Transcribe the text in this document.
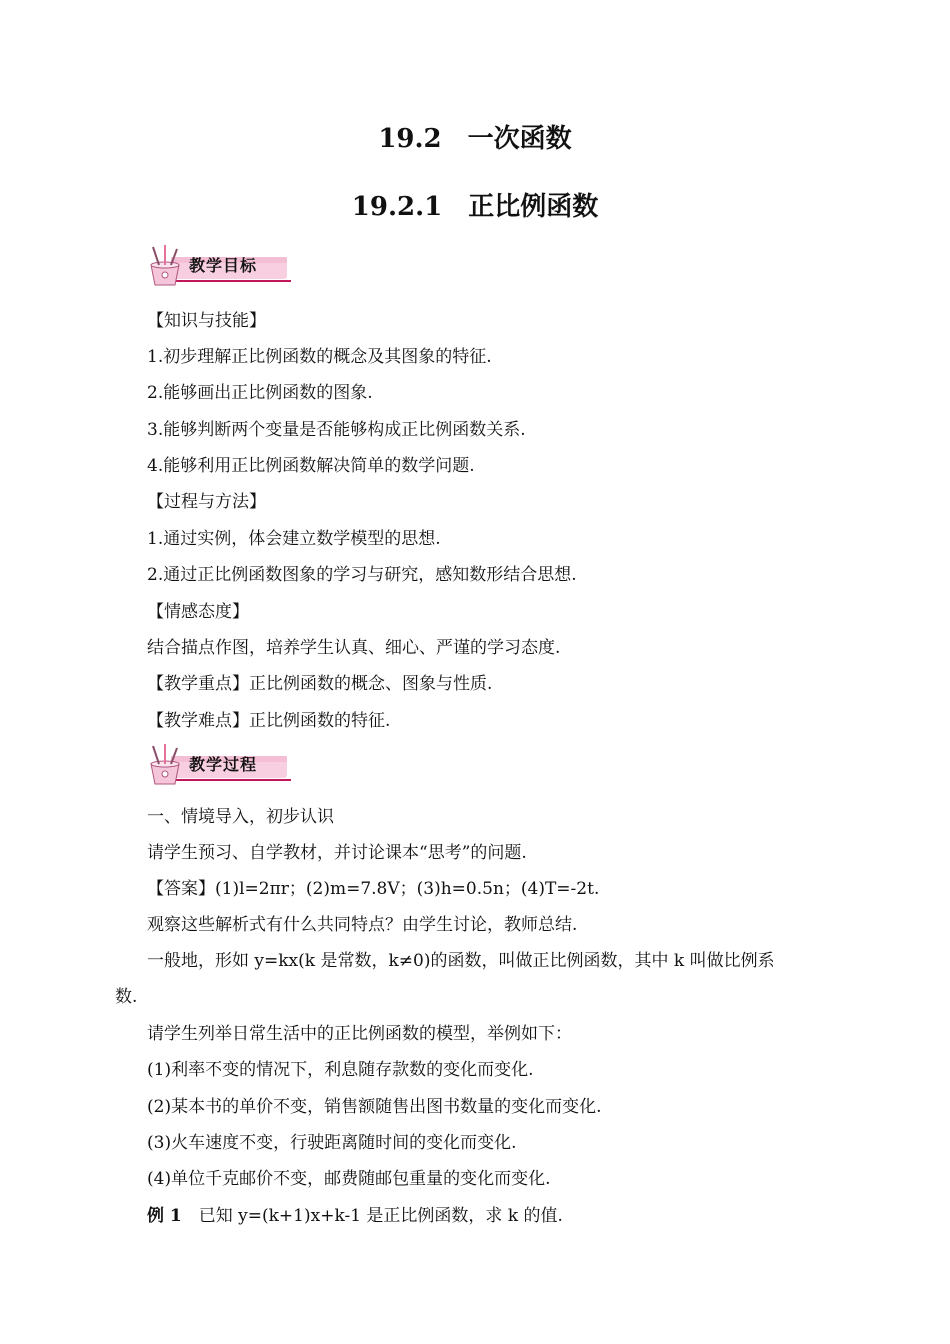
19.2　一次函数
19.2.1　正比例函数
教学目标

【知识与技能】

1.初步理解正比例函数的概念及其图象的特征.

2.能够画出正比例函数的图象.

3.能够判断两个变量是否能够构成正比例函数关系.

4.能够利用正比例函数解决简单的数学问题.

【过程与方法】

1.通过实例，体会建立数学模型的思想.

2.通过正比例函数图象的学习与研究，感知数形结合思想.

【情感态度】

结合描点作图，培养学生认真、细心、严谨的学习态度.

【教学重点】正比例函数的概念、图象与性质.

【教学难点】正比例函数的特征.

教学过程

一、情境导入，初步认识

请学生预习、自学教材，并讨论课本“思考”的问题.

【答案】(1)l=2πr；(2)m=7.8V；(3)h=0.5n；(4)T=-2t.

观察这些解析式有什么共同特点？由学生讨论，教师总结.

一般地，形如 y=kx(k 是常数，k≠0)的函数，叫做正比例函数，其中 k 叫做比例系

数.

请学生列举日常生活中的正比例函数的模型，举例如下：

(1)利率不变的情况下，利息随存款数的变化而变化.

(2)某本书的单价不变，销售额随售出图书数量的变化而变化.

(3)火车速度不变，行驶距离随时间的变化而变化.

(4)单位千克邮价不变，邮费随邮包重量的变化而变化.

例 1　已知 y=(k+1)x+k-1 是正比例函数，求 k 的值.
